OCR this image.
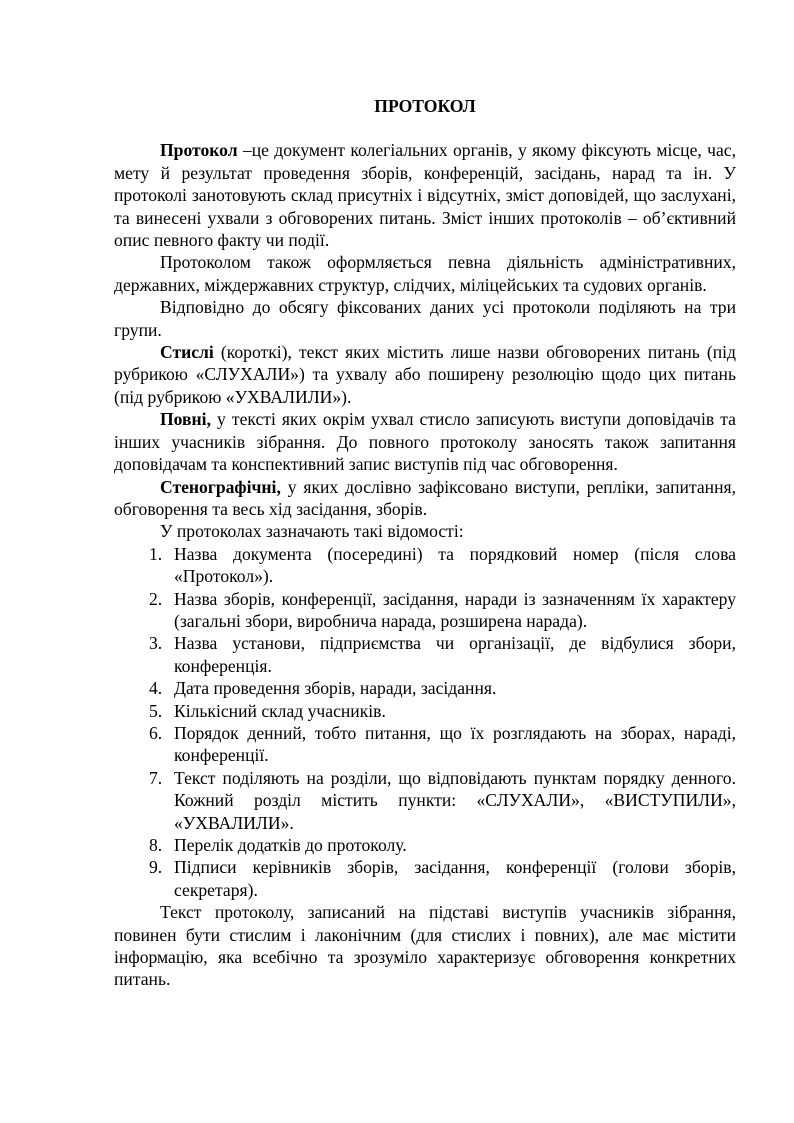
ПРОТОКОЛ

Протокол –це документ колегіальних органів, у якому фіксують місце, час, мету й результат проведення зборів, конференцій, засідань, нарад та ін. У протоколі занотовують склад присутніх і відсутніх, зміст доповідей, що заслухані, та винесені ухвали з обговорених питань. Зміст інших протоколів – об’єктивний опис певного факту чи події.

Протоколом також оформляється певна діяльність адміністративних, державних, міждержавних структур, слідчих, міліцейських та судових органів.

Відповідно до обсягу фіксованих даних усі протоколи поділяють на три групи.

Стислі (короткі), текст яких містить лише назви обговорених питань (під рубрикою «СЛУХАЛИ») та ухвалу або поширену резолюцію щодо цих питань (під рубрикою «УХВАЛИЛИ»).

Повні, у тексті яких окрім ухвал стисло записують виступи доповідачів та інших учасників зібрання. До повного протоколу заносять також запитання доповідачам та конспективний запис виступів під час обговорення.

Стенографічні, у яких дослівно зафіксовано виступи, репліки, запитання, обговорення та весь хід засідання, зборів.

У протоколах зазначають такі відомості:

1. Назва документа (посередині) та порядковий номер (після слова «Протокол»).
2. Назва зборів, конференції, засідання, наради із зазначенням їх характеру (загальні збори, виробнича нарада, розширена нарада).
3. Назва установи, підприємства чи організації, де відбулися збори, конференція.
4. Дата проведення зборів, наради, засідання.
5. Кількісний склад учасників.
6. Порядок денний, тобто питання, що їх розглядають на зборах, нараді, конференції.
7. Текст поділяють на розділи, що відповідають пунктам порядку денного. Кожний розділ містить пункти: «СЛУХАЛИ», «ВИСТУПИЛИ», «УХВАЛИЛИ».
8. Перелік додатків до протоколу.
9. Підписи керівників зборів, засідання, конференції (голови зборів, секретаря).

Текст протоколу, записаний на підставі виступів учасників зібрання, повинен бути стислим і лаконічним (для стислих і повних), але має містити інформацію, яка всебічно та зрозуміло характеризує обговорення конкретних питань.
